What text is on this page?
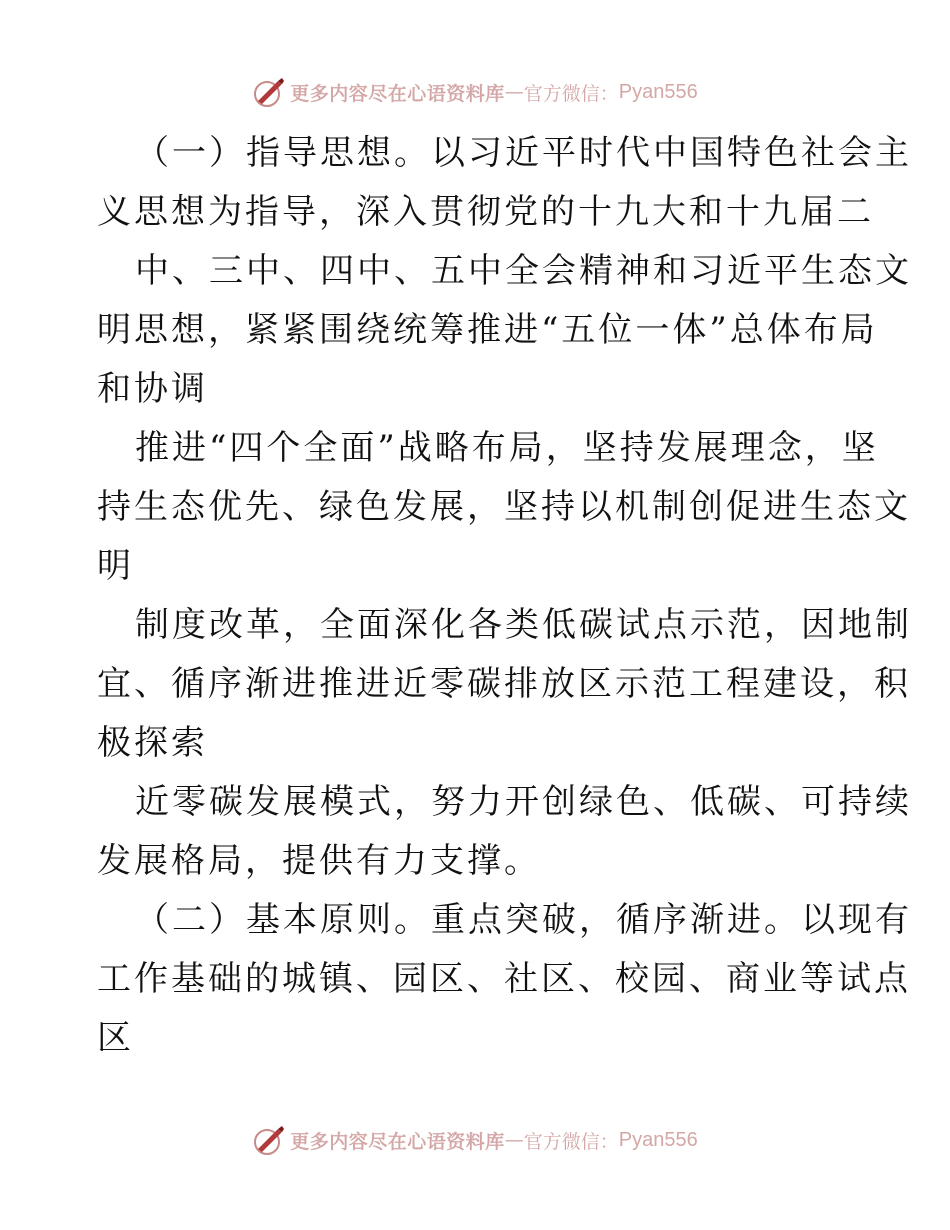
更多内容尽在心语资料库 — 官方微信： Pyan556
（一）指导思想。以习近平时代中国特色社会主
义思想为指导，深入贯彻党的十九大和十九届二
中、三中、四中、五中全会精神和习近平生态文
明思想，紧紧围绕统筹推进“五位一体”总体布局
和协调
推进“四个全面”战略布局，坚持发展理念，坚
持生态优先、绿色发展，坚持以机制创促进生态文
明
制度改革，全面深化各类低碳试点示范，因地制
宜、循序渐进推进近零碳排放区示范工程建设，积
极探索
近零碳发展模式，努力开创绿色、低碳、可持续
发展格局，提供有力支撑。
（二）基本原则。重点突破，循序渐进。以现有
工作基础的城镇、园区、社区、校园、商业等试点
区
更多内容尽在心语资料库 — 官方微信： Pyan556
